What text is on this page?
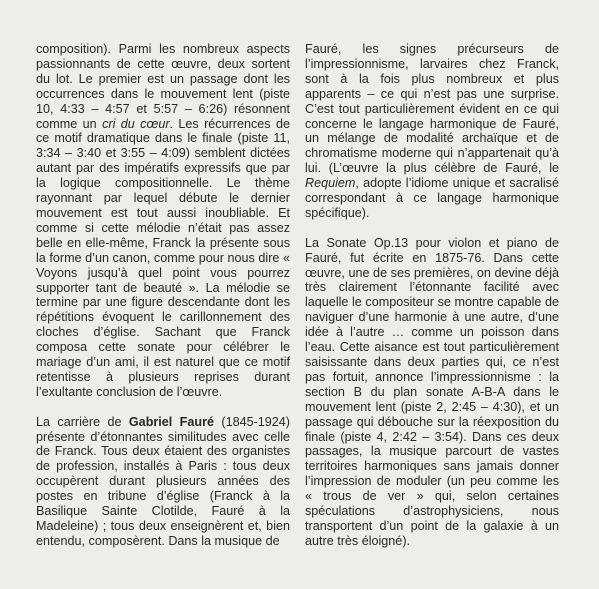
composition). Parmi les nombreux aspects passionnants de cette œuvre, deux sortent du lot. Le premier est un passage dont les occurrences dans le mouvement lent (piste 10, 4:33 – 4:57 et 5:57 – 6:26) résonnent comme un cri du cœur. Les récurrences de ce motif dramatique dans le finale (piste 11, 3:34 – 3:40 et 3:55 – 4:09) semblent dictées autant par des impératifs expressifs que par la logique compositionnelle. Le thème rayonnant par lequel débute le dernier mouvement est tout aussi inoubliable. Et comme si cette mélodie n’était pas assez belle en elle-même, Franck la présente sous la forme d’un canon, comme pour nous dire « Voyons jusqu’à quel point vous pourrez supporter tant de beauté ». La mélodie se termine par une figure descendante dont les répétitions évoquent le carillonnement des cloches d’église. Sachant que Franck composa cette sonate pour célébrer le mariage d’un ami, il est naturel que ce motif retentisse à plusieurs reprises durant l’exultante conclusion de l’œuvre.

La carrière de Gabriel Fauré (1845-1924) présente d’étonnantes similitudes avec celle de Franck. Tous deux étaient des organistes de profession, installés à Paris : tous deux occupèrent durant plusieurs années des postes en tribune d’église (Franck à la Basilique Sainte Clotilde, Fauré à la Madeleine) ; tous deux enseignèrent et, bien entendu, composèrent. Dans la musique de

Fauré, les signes précurseurs de l’impressionnisme, larvaires chez Franck, sont à la fois plus nombreux et plus apparents – ce qui n’est pas une surprise. C’est tout particulièrement évident en ce qui concerne le langage harmonique de Fauré, un mélange de modalité archaïque et de chromatisme moderne qui n’appartenait qu’à lui. (L’œuvre la plus célèbre de Fauré, le Requiem, adopte l’idiome unique et sacralisé correspondant à ce langage harmonique spécifique).

La Sonate Op.13 pour violon et piano de Fauré, fut écrite en 1875-76. Dans cette œuvre, une de ses premières, on devine déjà très clairement l’étonnante facilité avec laquelle le compositeur se montre capable de naviguer d’une harmonie à une autre, d’une idée à l’autre … comme un poisson dans l’eau. Cette aisance est tout particulièrement saisissante dans deux parties qui, ce n’est pas fortuit, annonce l’impressionnisme : la section B du plan sonate A-B-A dans le mouvement lent (piste 2, 2:45 – 4:30), et un passage qui débouche sur la réexposition du finale (piste 4, 2:42 – 3:54). Dans ces deux passages, la musique parcourt de vastes territoires harmoniques sans jamais donner l’impression de moduler (un peu comme les « trous de ver » qui, selon certaines spéculations d’astrophysiciens, nous transportent d’un point de la galaxie à un autre très éloigné).
